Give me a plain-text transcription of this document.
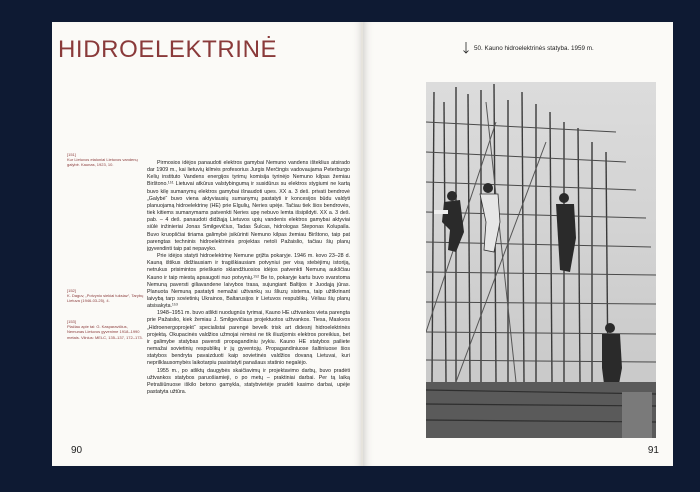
HIDROELEKTRINĖ
[151]
Kur Lietuvos etaloniai Lietuvos vandenų galybė. Kaunas, 1923, 10.
[152]
K. Daguv, „Potvynio siekiai tuksiaz“, Tarybų Lietuva (1946-03-25), 4.
[153]
Plačiau apie tai: G. Kasparavičius, Nemunas Lietuvos gyvenime 1918–1990 metais. Vilnius: MELC, 135–137, 172–173.

Pirmosios idėjos panaudoti elektros gamybai Nemuno vandens išteklius atsirado dar 1909 m., kai lietuvių kilmės profesorius Jurgis Merčingis vadovaujama Peterburgo Kelių instituto Vandens energijos tyrimų komisija tyrinėjo Nemuno kilpas žemiau Birštono.¹⁵¹ Lietuvai atkūrus valstybingumą ir susidūrus su elektros stygiumi ne kartą buvo kilę sumanymų elektros gamybai išnaudoti upes. XX a. 3 deš. privati bendrovė „Galybė“ buvo viena aktyviausių sumanymų pastatyti ir koncesijos būdu valdyti planuojamą hidroelektrinę (HE) prie Elgulių, Neries upėje. Tačiau tiek šios bendrovės, tiek kitiems sumanymams patvenkti Neries upę nebuvo lemta išsipildyti. XX a. 3 deš. pab. – 4 deš. panaudoti didžiąją Lietuvos upių vandenis elektros gamybai aktyviai siūlė inžinieriai Jonas Smilgevičius, Tadas Šulcas, hidrologas Steponas Kolupaila. Buvo kruopščiai tiriama galimybė įsikūrinti Nemuno kilpas žemiau Birštono, taip pat parengtas techninis hidroelektrinės projektas netoli Pažaislio, tačiau šių planų įgyvendinti taip pat nepavyko.

Prie idėjos statyti hidroelektrinę Nemune grįžta pokaryje. 1946 m. kovo 23–28 d. Kauną ištikus didžiausiam ir tragiškiausiam potvyniui per visą stebėjimų istoriją, netrukus prisimintos prieškario sklandžiuosios idėjos patvenkti Nemuną aukščiau Kauno ir taip miestą apsaugoti nuo potvynių.¹⁵² Be to, pokaryje kartu buvo svarstoma Nemuną paversti giliavandene laivybos trasa, sujungiant Baltijos ir Juodąją jūras. Planuota Nemuną pastatyti nemažai užtvankų su šliuzų sistema, taip užtikrinant laivybą tarp sovietinių Ukrainos, Baltarusijos ir Lietuvos respublikų. Vėliau šių planų atsisakyta.¹⁵³

1948–1951 m. buvo atlikti nuodugnūs tyrimai, Kauno HE užtvankos vieta parengta prie Pažaislio, kiek žemiau J. Smilgevičiaus projektuotos užtvankos. Tiesa, Maskvos „Hidroenergoprojekt“ specialistai parengė bevelk trisk art didesnį hidroelektrinės projektą. Okupacinės valdžios užmojai rėmėsi ne tik iliuzijomis elektros poreikius, bet ir galimybe statybas paversti propagandiniu įvykiu. Kauno HE statybos pailiete nemažai sovietinių respublikų ir jų gyventojų. Propagandiniuose šaltiniuose šios statybos bendryta pavaizduoti kaip sovietinės valdžios dovaną Lietuvai, kuri neprilklausomybės laikotarpiu pasistatyti panašaus statinio negalėjo.

1955 m., po atliktų daugybės skaičiavimų ir projektavimo darbų, buvo pradėti užtvankos statybos paruošiamieji, o po metų – praktiniai darbai. Per tą laiką Petrašiūnuose iškilo betono gamykla, statybvietėje pradėti kasimo darbai, upėje pastatyta užtūra.

90
50. Kauno hidroelektrinės statyba. 1959 m.
91
